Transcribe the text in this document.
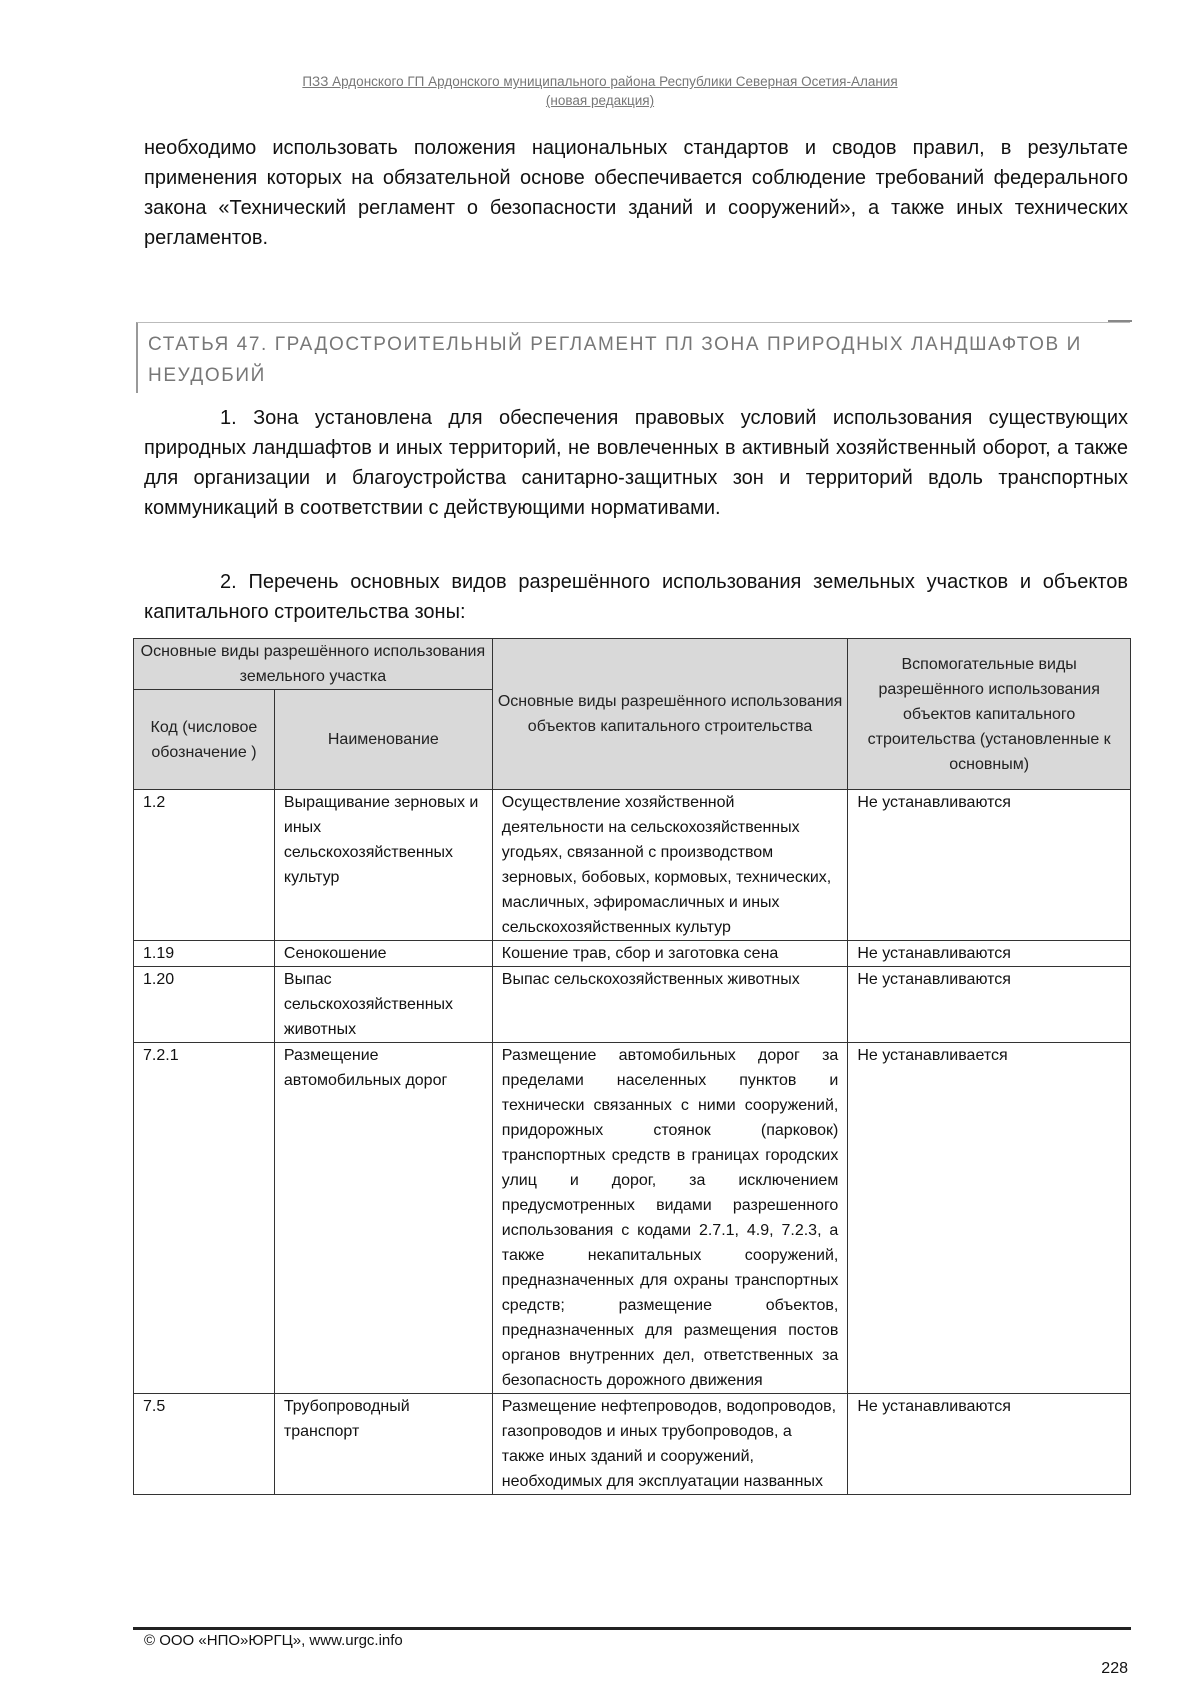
ПЗЗ Ардонского ГП Ардонского муниципального района Республики Северная Осетия-Алания
(новая редакция)

необходимо использовать положения национальных стандартов и сводов правил, в результате применения которых на обязательной основе обеспечивается соблюдение требований федерального закона «Технический регламент о безопасности зданий и сооружений», а также иных технических регламентов.

СТАТЬЯ 47. ГРАДОСТРОИТЕЛЬНЫЙ РЕГЛАМЕНТ ПЛ ЗОНА ПРИРОДНЫХ ЛАНДШАФТОВ И НЕУДОБИЙ

1. Зона установлена для обеспечения правовых условий использования существующих природных ландшафтов и иных территорий, не вовлеченных в активный хозяйственный оборот, а также для организации и благоустройства санитарно-защитных зон и территорий вдоль транспортных коммуникаций в соответствии с действующими нормативами.

2. Перечень основных видов разрешённого использования земельных участков и объектов капитального строительства зоны:

Основные виды разрешённого использования земельного участка		Основные виды разрешённого использования объектов капитального строительства	Вспомогательные виды разрешённого использования объектов капитального строительства (установленные к основным)
Код (числовое обозначение )	Наименование		
1.2	Выращивание зерновых и иных сельскохозяйственных культур	Осуществление хозяйственной деятельности на сельскохозяйственных угодьях, связанной с производством зерновых, бобовых, кормовых, технических, масличных, эфиромасличных и иных сельскохозяйственных культур	Не устанавливаются
1.19	Сенокошение	Кошение трав, сбор и заготовка сена	Не устанавливаются
1.20	Выпас сельскохозяйственных животных	Выпас сельскохозяйственных животных	Не устанавливаются
7.2.1	Размещение автомобильных дорог	Размещение автомобильных дорог за пределами населенных пунктов и технически связанных с ними сооружений, придорожных стоянок (парковок) транспортных средств в границах городских улиц и дорог, за исключением предусмотренных видами разрешенного использования с кодами 2.7.1, 4.9, 7.2.3, а также некапитальных сооружений, предназначенных для охраны транспортных средств; размещение объектов, предназначенных для размещения постов органов внутренних дел, ответственных за безопасность дорожного движения	Не устанавливается
7.5	Трубопроводный транспорт	Размещение нефтепроводов, водопроводов, газопроводов и иных трубопроводов, а также иных зданий и сооружений, необходимых для эксплуатации названных	Не устанавливаются
© ООО «НПО»ЮРГЦ», www.urgc.info
228
